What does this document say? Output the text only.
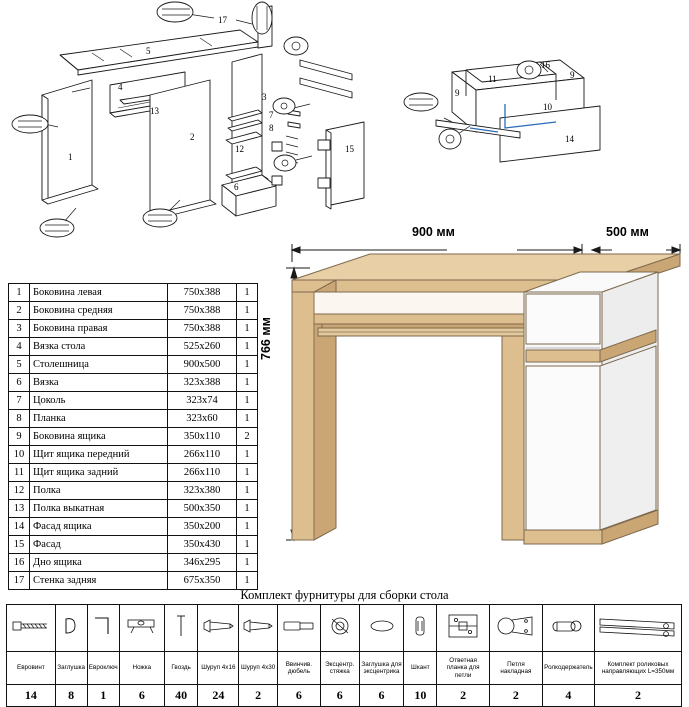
17
5
4
13
3
1
2
12
6
15
8
7
11	9
9
10
14
16
1	Боковина левая	750x388	1
2	Боковина средняя	750x388	1
3	Боковина правая	750x388	1
4	Вязка стола	525x260	1
5	Столешница	900x500	1
6	Вязка	323x388	1
7	Цоколь	323x74	1
8	Планка	323x60	1
9	Боковина ящика	350x110	2
10	Щит ящика передний	266x110	1
11	Щит ящика задний	266x110	1
12	Полка	323x380	1
13	Полка выкатная	500x350	1
14	Фасад ящика	350x200	1
15	Фасад	350x430	1
16	Дно ящика	346x295	1
17	Стенка задняя	675x350	1
900 мм	500 мм
766 мм
Комплект фурнитуры для сборки стола

Евровинт	Заглушка	Евроключ	Ножка	Гвоздь	Шуруп 4x16	Шуруп 4x30	Ввинчив. дюбель	Эксцентр. стяжка	Заглушка для эксцентрика	Шкант	Ответная планка для петли	Петля накладная	Ролкодержатель	Комплект роликовых направляющих L=350мм
14	8	1	6	40	24	2	6	6	6	10	2	2	4	2
